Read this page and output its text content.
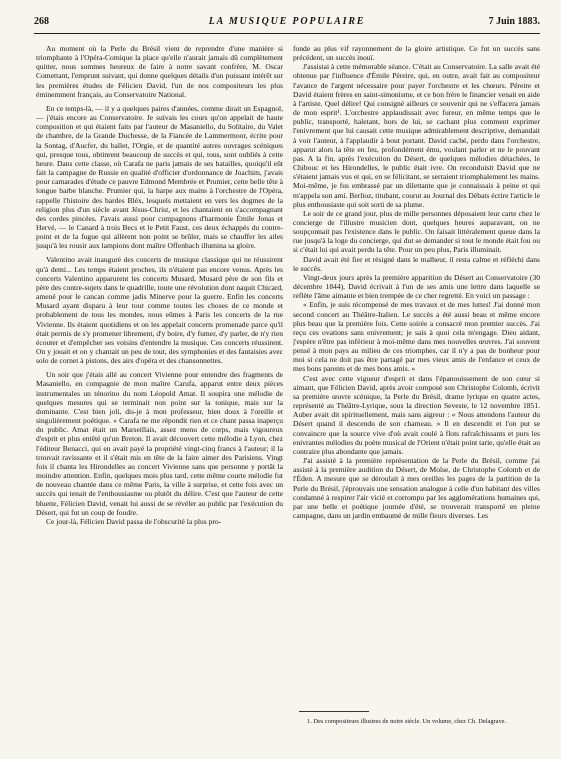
268	LA MUSIQUE POPULAIRE	7 Juin 1883.

Au moment où la Perle du Brésil vient de reprendre d'une manière si triomphante à l'Opéra-Comique la place qu'elle n'aurait jamais dû complètement quitter, nous sommes heureux de faire à notre savant confrère, M. Oscar Comettant, l'emprunt suivant, qui donne quelques détails d'un puissant intérêt sur les premières études de Félicien David, l'un de nos compositeurs les plus éminemment français, au Conservatoire National.

En ce temps-là, — il y a quelques paires d'années, comme dirait un Espagnol, — j'étais encore au Conservatoire. Je suivais les cours qu'on appelait de haute composition et qui étaient faits par l'auteur de Masaniello, du Solitaire, du Valet de chambre, de la Grande Duchesse, de la Fiancée de Lammermoor, écrite pour la Sontag, d'Aucfer, du ballet, l'Orgie, et de quantité autres ouvrages scéniques qui, presque tous, obtinrent beaucoup de succès et qui, tous, sont oubliés à cette heure. Dans cette classe, où Carafa ne paris jamais de ses batailles, quoiqu'il eût fait la campagne de Russie en qualité d'officier d'ordonnance de Joachim, j'avais pour camarades d'étude ce pauvre Edmond Membrée et Prumier, cette belle tête à longue barbe blanche. Prumier qui, la harpe aux mains à l'orchestre de l'Opéra, rappelle l'histoire des bardes Bléx, lesquels mettaient en vers les dogmes de la religion plus d'un siècle avant Jésus-Christ, et les chantaient en s'accompagnant des cordes pincées. J'avais aussi pour compagnons d'harmonie Émile Jonas et Hervé, — le Canard à trois Becs et le Petit Faust, ces deux échappés du contre-point et de la fugue qui allèrent non point se brûler, mais se chauffer les ailes jusqu'à les rousir aux lampions dont maître Offenbach illumina sa gloire.

Valentino avait inauguré des concerts de musique classique qui ne réussirent qu'à demi... Les temps étaient proches, ils n'étaient pas encore venus. Après les concerts Valentino apparurent les concerts Musard, Musard père de son fils et père des contre-sujets dans le quadrille, toute une révolution dont naquit Chicard, amené pour le cancan comme jadis Minerve pour la guerre. Enfin les concerts Musard ayant disparu à leur tour comme toutes les choses de ce monde et probablement de tous les mondes, nous eûmes à Paris les concerts de la rue Vivienne. Ils étaient quotidiens et on les appelait concerts promenade parce qu'il était permis de s'y promener librement, d'y boire, d'y fumer, d'y parler, de n'y rien écouter et d'empêcher ses voisins d'entendre la musique. Ces concerts réussirent. On y jouait et on y chantait un peu de tout, des symphonies et des fantaisies avec solo de cornet à pistons, des airs d'opéra et des chansonnettes.

Un soir que j'étais allé au concert Vivienne pour entendre des fragments de Masaniello, en compagnie de mon maître Carufa, apparut entre deux pièces instrumentales un ténorino du nom Léopold Amat. Il soupira une mélodie de quelques mesures qui se terminait non point sur la tonique, mais sur la dominante. C'est bien joli, dis-je à mon professeur, bien doux à l'oreille et singulièrement poétique. « Carafa ne me répondit rien et ce chant passa inaperçu du public. Amat était un Marseillais, assez menu de corps, mais vigoureux d'esprit et plus entêté qu'un Breton. Il avait découvert cette mélodie à Lyon, chez l'éditeur Benacci, qui en avait payé la propriété vingt-cinq francs à l'auteur; il la trouvait ravissante et il s'était mis en tête de la faire aimer des Parisiens. Vingt fois il chanta les Hirondelles au concert Vivienne sans que personne y portât la moindre attention. Enfin, quelques mois plus tard, cette même courte mélodie fut de nouveau chantée dans ce même Paris, la ville à surprise, et cette fois avec un succès qui tenait de l'enthousiasme ou plutôt du délire. C'est que l'auteur de cette bluette, Félicien David, venait lui aussi de se révéler au public par l'exécution du Désert, qui fut un coup de foudre.

Ce jour-là, Félicien David passa de l'obscurité la plus pro-

fonde au plus vif rayonnement de la gloire artistique. Ce fut un succès sans précédent, un succès inouï.

J'assistai à cette mémorable séance. C'était au Conservatoire. La salle avait été obtenue par l'influence d'Émile Péreire, qui, en outre, avait fait au compositeur l'avance de l'argent nécessaire pour payer l'orchestre et les chœurs. Péreire et David étaient frères en saint-simonisme, et ce bon frère le financier venait en aide à l'artiste. Quel délire! Qui consigné ailleurs ce souvenir qui ne s'effacera jamais de mon esprit¹. L'orchestre applaudissait avec fureur, en même temps que le public, transporté, haletant, hors de lui, se cachant plus comment exprimer l'enivrement que lui causait cette musique admirablement descriptive, demandait à voir l'auteur, à l'applaudir à bout portant. David caché, perdu dans l'orchestre, apparut alors la tête en feu, profondément ému, voulant parler et ne le pouvant pas. A la fin, après l'exécution du Désert, de quelques mélodies détachées, le Chibouc et les Hirondelles, le public était ivre. On reconduisit David que ne s'étaient jamais vus et qui, en se félicitant, se serraient triomphalement les mains. Moi-même, je fus embrassé par un dilettante que je connaissais à peine et qui m'appela son ami. Berlioz, titubant, courut au Journal des Débats écrire l'article le plus enthousiaste qui soit sorti de sa plume.

Le soir de ce grand jour, plus de mille personnes déposaient leur carte chez le concierge de l'illustre musicien dont, quelques heures auparavant, on ne soupçonnait pas l'existence dans le public. On faisait littéralement queue dans la rue jusqu'à la loge du concierge, qui dut se demander si tout le monde était fou ou si c'était lui qui avait perdu la tête. Pour un peu plus, Paris illuminait.

David avait été fier et résigné dans le malheur, il resta calme et réfléchi dans le succès.

Vingt-deux jours après la première apparition du Désert au Conservatoire (30 décembre 1844), David écrivait à l'un de ses amis une lettre dans laquelle se reflète l'âme aimante et bien trempée de ce cher regretté. En voici un passage :

« Enfin, je suis récompensé de mes travaux et de mes luttes! J'ai donné mon second concert au Théâtre-Italien. Le succès a été aussi beau et même encore plus beau que la première fois. Cette soirée a consacré mon premier succès. J'ai reçu ces ovations sans enivrement; je sais à quoi cela m'engage. Dieu aidant, j'espère n'être pas inférieur à moi-même dans mes nouvelles œuvres. J'ai souvent pensé à mon pays au milieu de ces triomphes, car il n'y a pas de bonheur pour moi si cela ne doit pas être partagé par mes vieux amis de l'enfance et ceux de mes bons parents et de mes bons amis. »

C'est avec cette vigueur d'esprit et dans l'épanouissement de son cœur si aimant, que Félicien David, après avoir composé son Christophe Colomb, écrivit sa première œuvre scénique, la Perle du Brésil, drame lyrique en quatre actes, représenté au Théâtre-Lyrique, sous la direction Seveste, le 12 novembre 1851. Auber avait dit spirituellement, mais sans aigreur : « Nous attendons l'auteur du Désert quand il descendu de son chameau. » Il en descendit et l'on put se convaincre que la source vive d'où avait coulé à flots rafraîchissants et purs les enivrantes mélodies du poète musical de l'Orient n'était point tarie, qu'elle était au contraire plus abondante que jamais.

J'ai assisté à la première représentation de la Perle du Brésil, comme j'ai assisté à la première audition du Désert, de Moïse, de Christophe Colomb et de l'Éden. A mesure que se déroulait à mes oreilles les pages de la partition de la Perle du Brésil, j'éprouvais une sensation analogue à celle d'un habitant des villes condamné à respirer l'air vicié et corrompu par les agglomérations humaines qui, par une belle et poétique journée d'été, se trouverait transporté en pleine campagne, dans un jardin embaumé de mille fleurs diverses. Les

1. Des compositeurs illustres de notre siècle. Un volume, chez Ch. Delagrave.
